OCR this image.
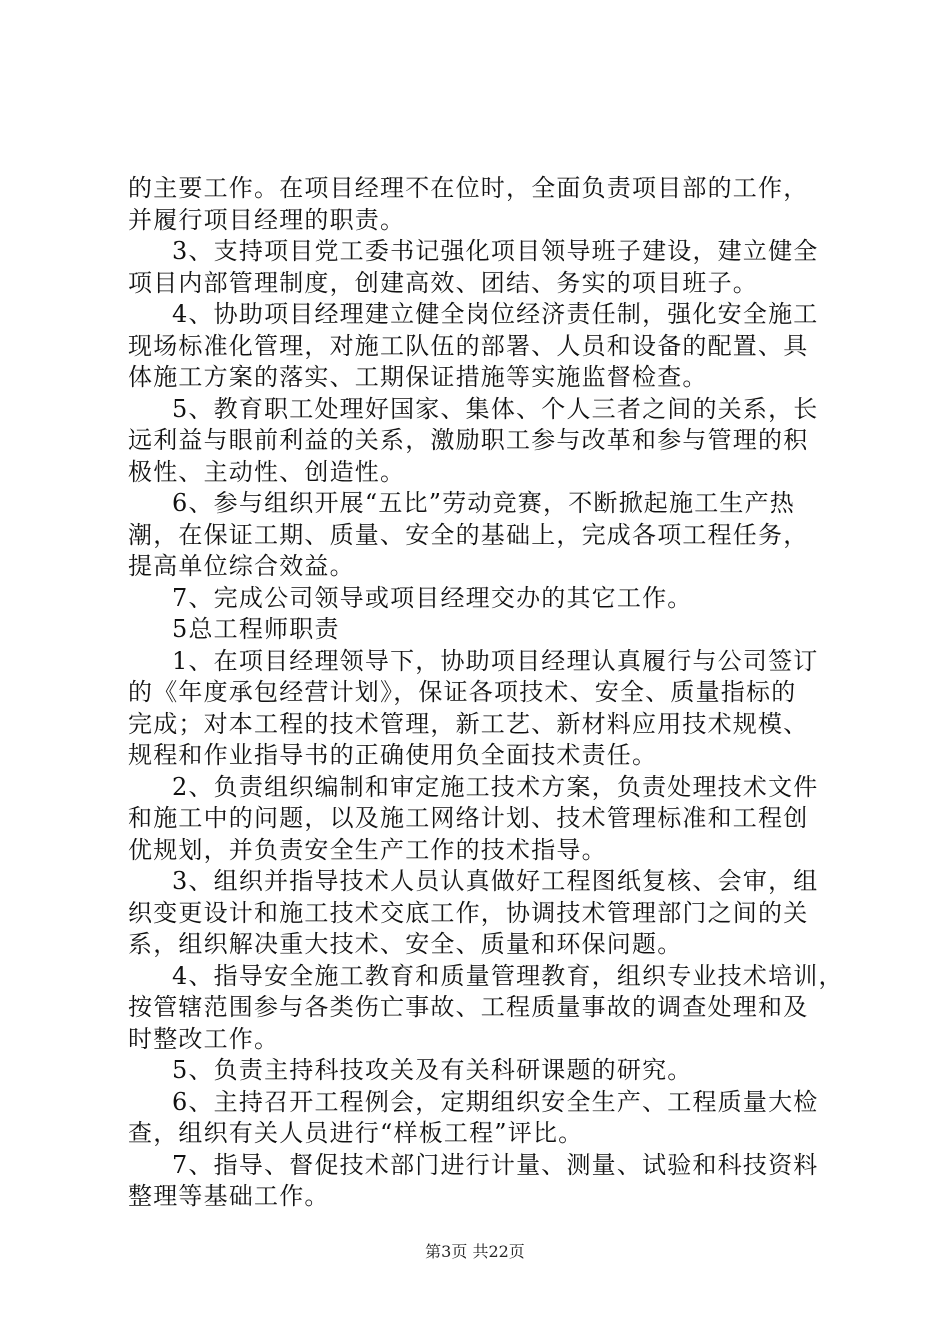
的主要工作。在项目经理不在位时，全面负责项目部的工作，
并履行项目经理的职责。
3、支持项目党工委书记强化项目领导班子建设，建立健全
项目内部管理制度，创建高效、团结、务实的项目班子。
4、协助项目经理建立健全岗位经济责任制，强化安全施工
现场标准化管理，对施工队伍的部署、人员和设备的配置、具
体施工方案的落实、工期保证措施等实施监督检查。
5、教育职工处理好国家、集体、个人三者之间的关系，长
远利益与眼前利益的关系，激励职工参与改革和参与管理的积
极性、主动性、创造性。
6、参与组织开展“五比”劳动竞赛，不断掀起施工生产热
潮，在保证工期、质量、安全的基础上，完成各项工程任务，
提高单位综合效益。
7、完成公司领导或项目经理交办的其它工作。
5总工程师职责
1、在项目经理领导下，协助项目经理认真履行与公司签订
的《年度承包经营计划》，保证各项技术、安全、质量指标的
完成；对本工程的技术管理，新工艺、新材料应用技术规模、
规程和作业指导书的正确使用负全面技术责任。
2、负责组织编制和审定施工技术方案，负责处理技术文件
和施工中的问题，以及施工网络计划、技术管理标准和工程创
优规划，并负责安全生产工作的技术指导。
3、组织并指导技术人员认真做好工程图纸复核、会审，组
织变更设计和施工技术交底工作，协调技术管理部门之间的关
系，组织解决重大技术、安全、质量和环保问题。
4、指导安全施工教育和质量管理教育，组织专业技术培训，
按管辖范围参与各类伤亡事故、工程质量事故的调查处理和及
时整改工作。
5、负责主持科技攻关及有关科研课题的研究。
6、主持召开工程例会，定期组织安全生产、工程质量大检
查，组织有关人员进行“样板工程”评比。
7、指导、督促技术部门进行计量、测量、试验和科技资料
整理等基础工作。
第3页 共22页
